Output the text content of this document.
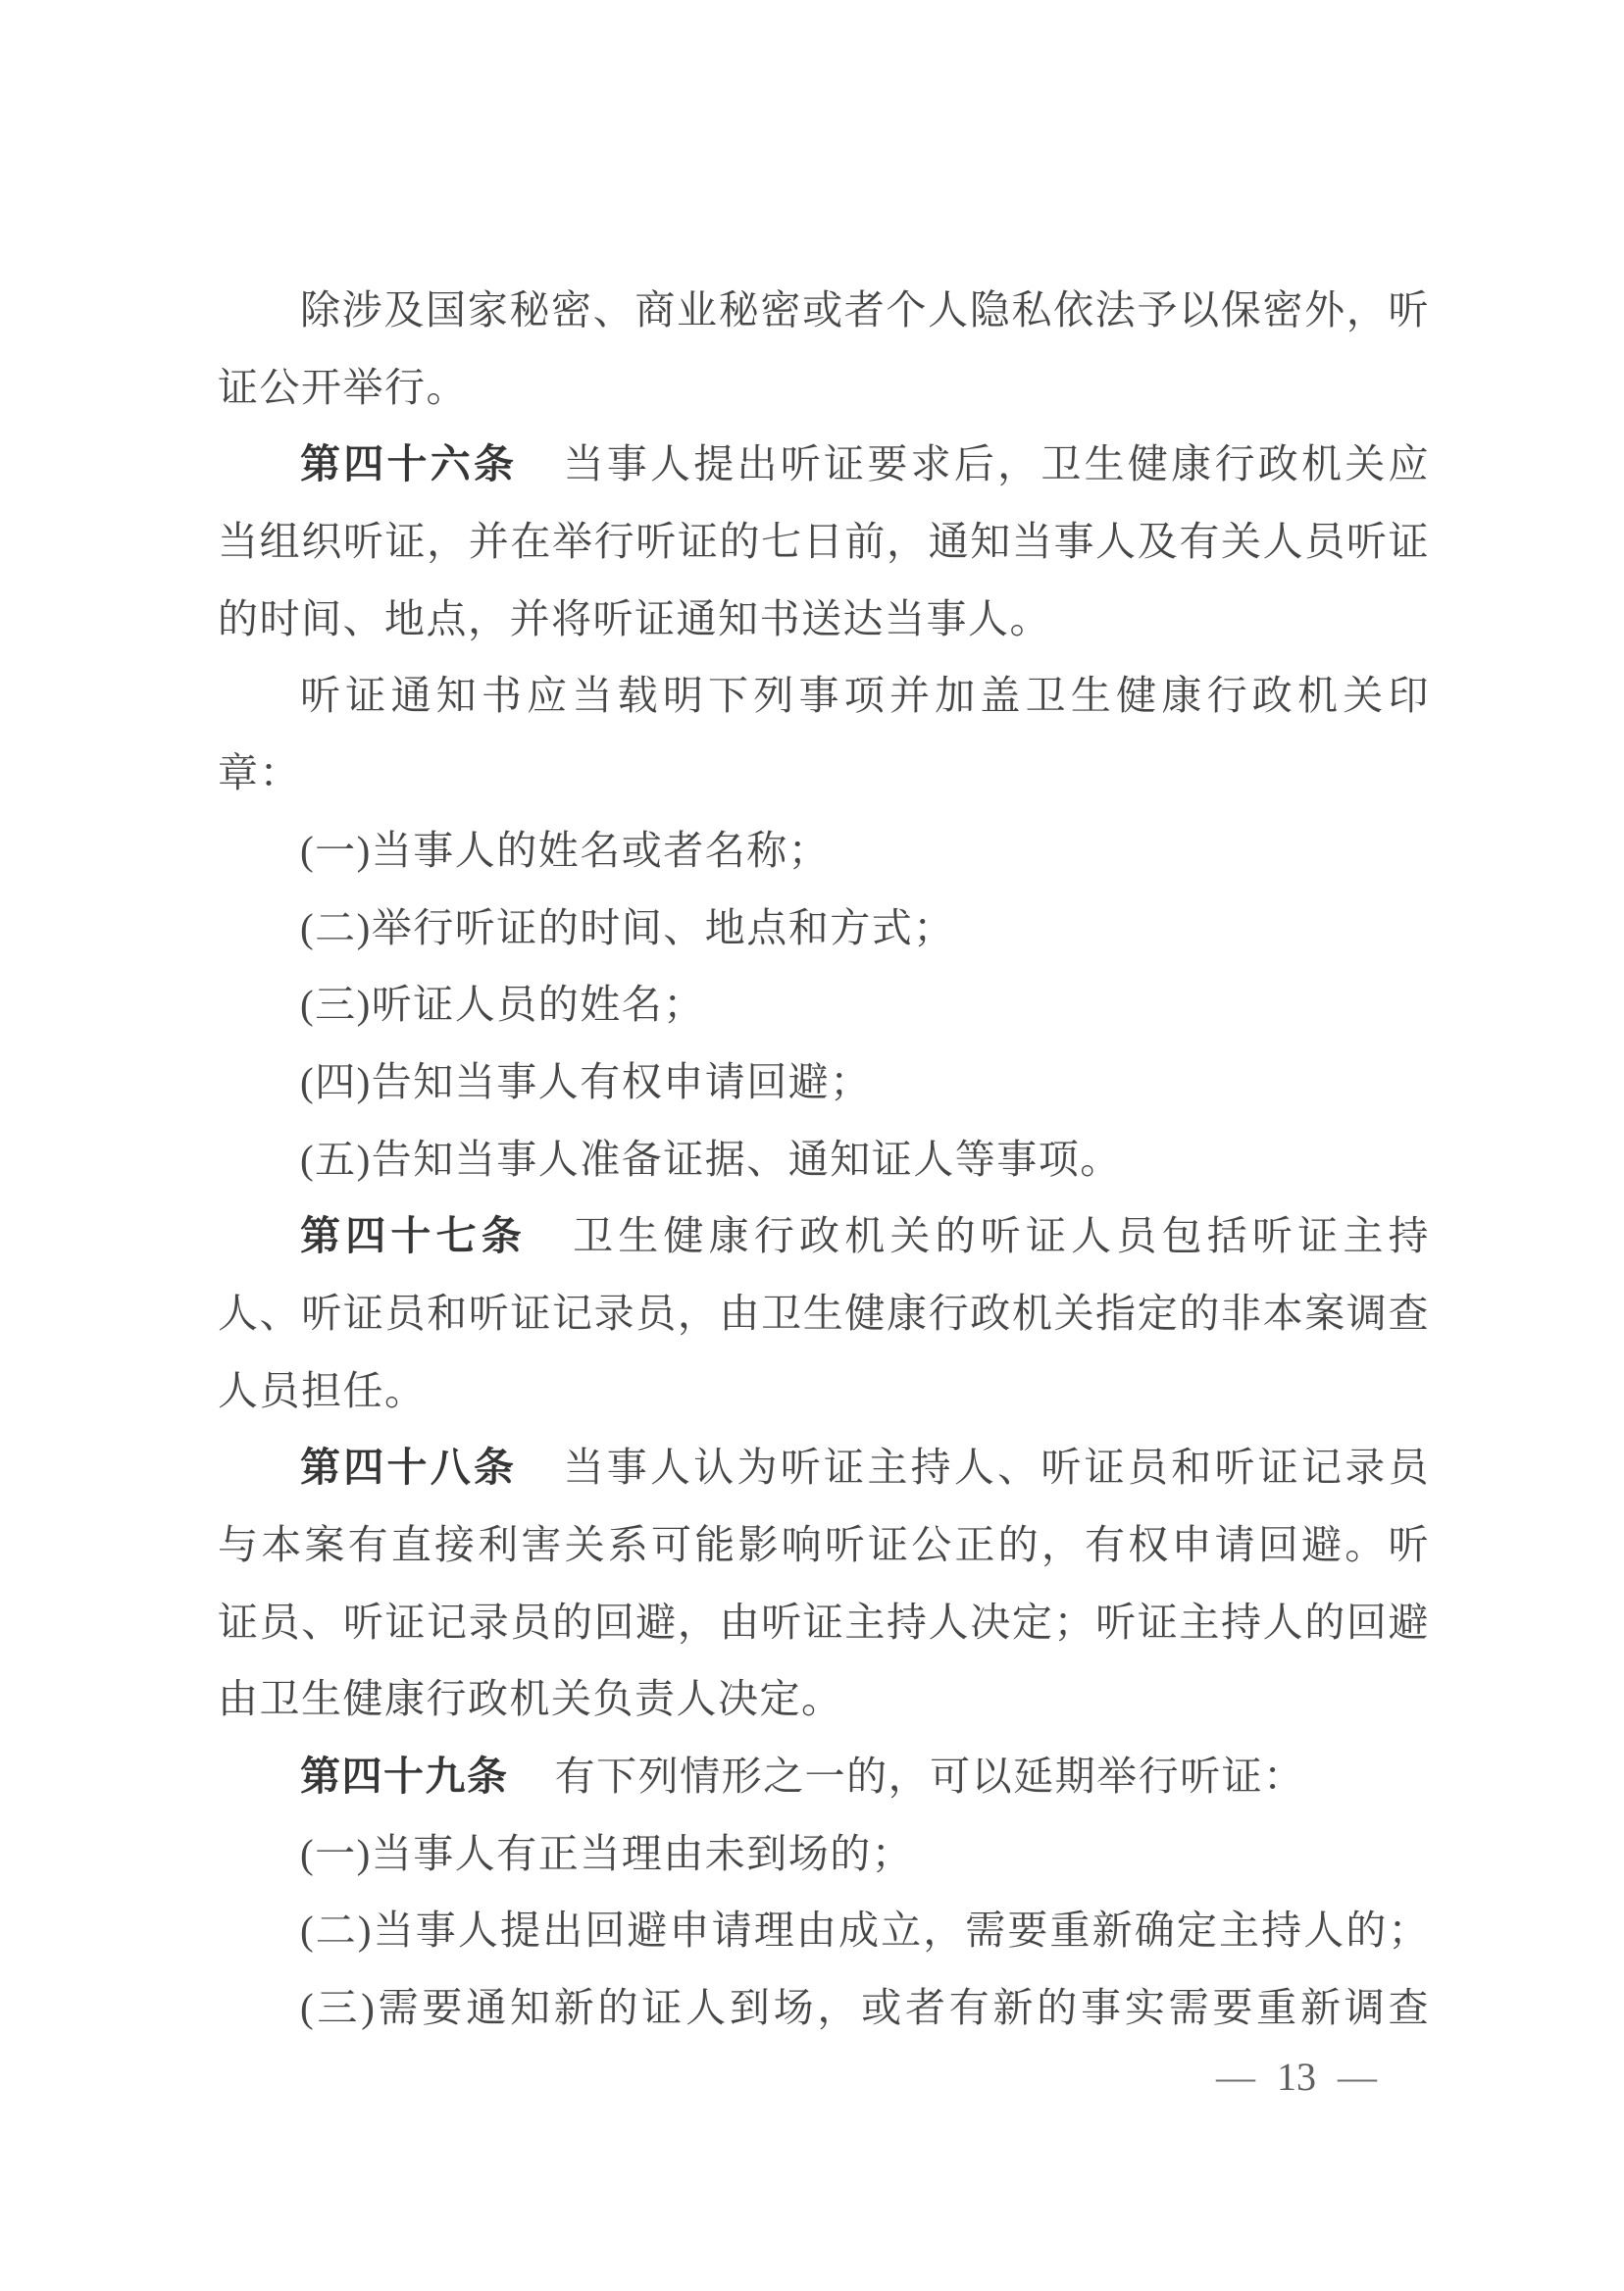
除涉及国家秘密、商业秘密或者个人隐私依法予以保密外，听
证公开举行。
第四十六条 当事人提出听证要求后，卫生健康行政机关应
当组织听证，并在举行听证的七日前，通知当事人及有关人员听证
的时间、地点，并将听证通知书送达当事人。
听证通知书应当载明下列事项并加盖卫生健康行政机关印
章：
(一)当事人的姓名或者名称；
(二)举行听证的时间、地点和方式；
(三)听证人员的姓名；
(四)告知当事人有权申请回避；
(五)告知当事人准备证据、通知证人等事项。
第四十七条 卫生健康行政机关的听证人员包括听证主持
人、听证员和听证记录员，由卫生健康行政机关指定的非本案调查
人员担任。
第四十八条 当事人认为听证主持人、听证员和听证记录员
与本案有直接利害关系可能影响听证公正的，有权申请回避。听
证员、听证记录员的回避，由听证主持人决定；听证主持人的回避
由卫生健康行政机关负责人决定。
第四十九条 有下列情形之一的，可以延期举行听证：
(一)当事人有正当理由未到场的；
(二)当事人提出回避申请理由成立，需要重新确定主持人的；
(三)需要通知新的证人到场，或者有新的事实需要重新调查
— 13 —
